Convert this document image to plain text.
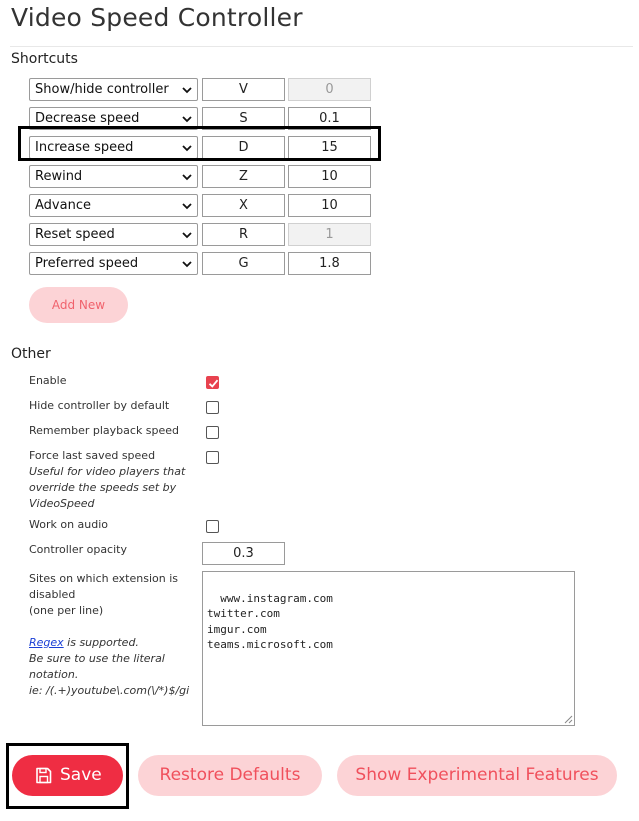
Video Speed Controller
Shortcuts
Show/hide controller	V	0
Decrease speed	S	0.1
Increase speed	D	15
Rewind	Z	10
Advance	X	10
Reset speed	R	1
Preferred speed	G	1.8
Add New
Other
Enable
Hide controller by default
Remember playback speed
Force last saved speed
Useful for video players that
override the speeds set by
VideoSpeed
Work on audio
Controller opacity	0.3
Sites on which extension is
disabled
(one per line)
Regex is supported.
Be sure to use the literal
notation.
ie: /(.+)youtube\.com(\/*)$/gi

www.instagram.com
twitter.com
imgur.com
teams.microsoft.com

Save	Restore Defaults	Show Experimental Features
